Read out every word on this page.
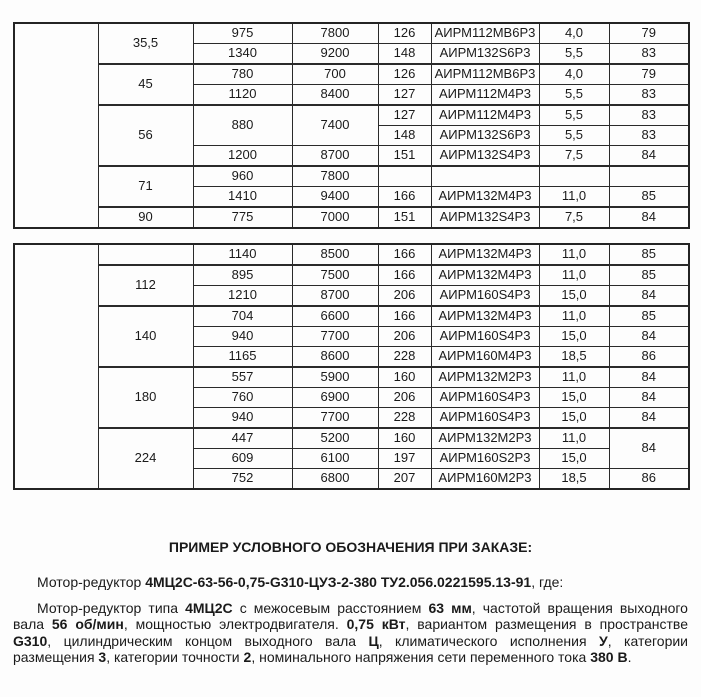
	35,5	975	7800	126	АИРМ112МВ6Р3	4,0	79
		1340	9200	148	АИРМ132S6Р3	5,5	83
	45	780	700	126	АИРМ112МВ6Р3	4,0	79
		1120	8400	127	АИРМ112М4Р3	5,5	83
	56	880	7400	127	АИРМ112М4Р3	5,5	83
				148	АИРМ132S6Р3	5,5	83
		1200	8700	151	АИРМ132S4Р3	7,5	84
	71	960	7800				
		1410	9400	166	АИРМ132М4Р3	11,0	85
	90	775	7000	151	АИРМ132S4Р3	7,5	84
		1140	8500	166	АИРМ132М4Р3	11,0	85
	112	895	7500	166	АИРМ132М4Р3	11,0	85
		1210	8700	206	АИРМ160S4Р3	15,0	84
	140	704	6600	166	АИРМ132М4Р3	11,0	85
		940	7700	206	АИРМ160S4Р3	15,0	84
		1165	8600	228	АИРМ160М4Р3	18,5	86
	180	557	5900	160	АИРМ132М2Р3	11,0	84
		760	6900	206	АИРМ160S4Р3	15,0	84
		940	7700	228	АИРМ160S4Р3	15,0	84
	224	447	5200	160	АИРМ132М2Р3	11,0	84
		609	6100	197	АИРМ160S2Р3	15,0	
		752	6800	207	АИРМ160М2Р3	18,5	86
ПРИМЕР УСЛОВНОГО ОБОЗНАЧЕНИЯ ПРИ ЗАКАЗЕ:

Мотор-редуктор 4МЦ2С-63-56-0,75-G310-ЦУЗ-2-380 ТУ2.056.0221595.13-91, где:

Мотор-редуктор типа 4МЦ2С с межосевым расстоянием 63 мм, частотой вращения выходного вала 56 об/мин, мощностью электродвигателя. 0,75 кВт, вариантом размещения в пространстве G310, цилиндрическим концом выходного вала Ц, климатического исполнения У, категории размещения 3, категории точности 2, номинального напряжения сети переменного тока 380 В.
